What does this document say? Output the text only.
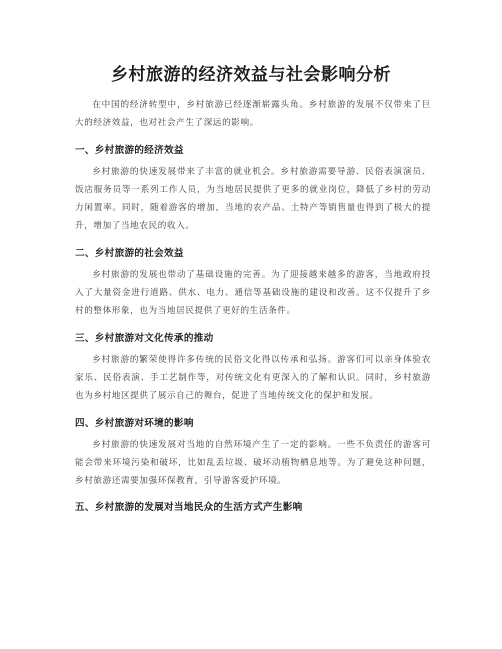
乡村旅游的经济效益与社会影响分析

在中国的经济转型中，乡村旅游已经逐渐崭露头角。乡村旅游的发展不仅带来了巨大的经济效益，也对社会产生了深远的影响。

一、乡村旅游的经济效益

乡村旅游的快速发展带来了丰富的就业机会。乡村旅游需要导游、民俗表演演员、饭店服务员等一系列工作人员，为当地居民提供了更多的就业岗位，降低了乡村的劳动力闲置率。同时，随着游客的增加，当地的农产品、土特产等销售量也得到了极大的提升，增加了当地农民的收入。

二、乡村旅游的社会效益

乡村旅游的发展也带动了基础设施的完善。为了迎接越来越多的游客，当地政府投入了大量资金进行道路、供水、电力、通信等基础设施的建设和改善。这不仅提升了乡村的整体形象，也为当地居民提供了更好的生活条件。

三、乡村旅游对文化传承的推动

乡村旅游的繁荣使得许多传统的民俗文化得以传承和弘扬。游客们可以亲身体验农家乐、民俗表演、手工艺制作等，对传统文化有更深入的了解和认识。同时，乡村旅游也为乡村地区提供了展示自己的舞台，促进了当地传统文化的保护和发展。

四、乡村旅游对环境的影响

乡村旅游的快速发展对当地的自然环境产生了一定的影响。一些不负责任的游客可能会带来环境污染和破坏，比如乱丢垃圾、破坏动植物栖息地等。为了避免这种问题，乡村旅游还需要加强环保教育，引导游客爱护环境。

五、乡村旅游的发展对当地民众的生活方式产生影响
